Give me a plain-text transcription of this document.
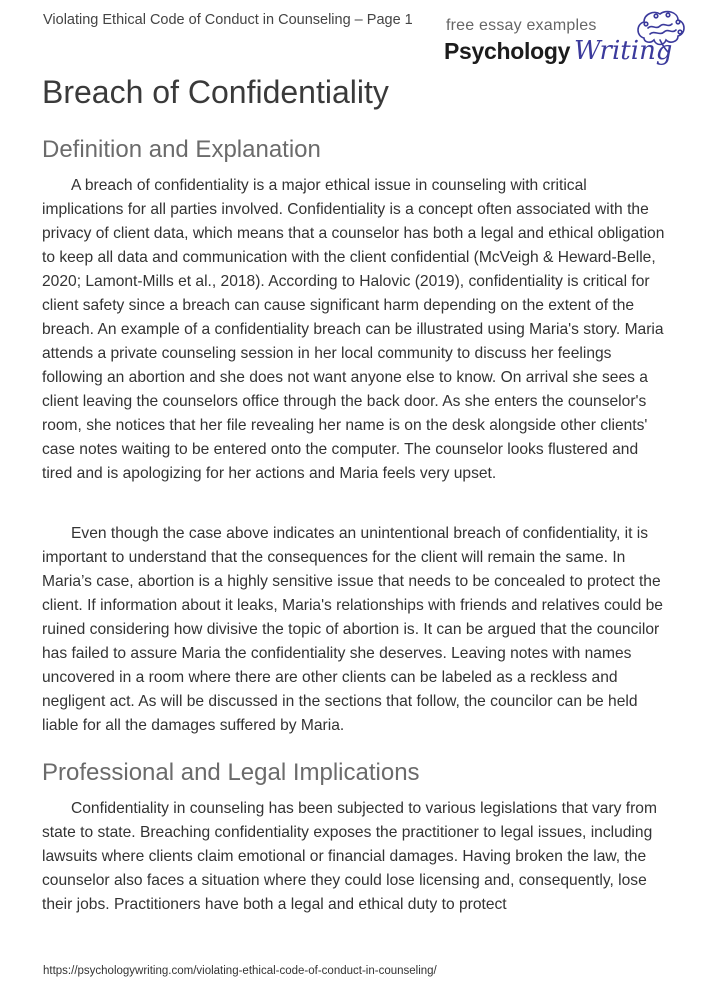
Violating Ethical Code of Conduct in Counseling – Page 1 free essay examples
Psychology Writing
Breach of Confidentiality
Definition and Explanation

A breach of confidentiality is a major ethical issue in counseling with critical implications for all parties involved. Confidentiality is a concept often associated with the privacy of client data, which means that a counselor has both a legal and ethical obligation to keep all data and communication with the client confidential (McVeigh & Heward-Belle, 2020; Lamont-Mills et al., 2018). According to Halovic (2019), confidentiality is critical for client safety since a breach can cause significant harm depending on the extent of the breach. An example of a confidentiality breach can be illustrated using Maria's story. Maria attends a private counseling session in her local community to discuss her feelings following an abortion and she does not want anyone else to know. On arrival she sees a client leaving the counselors office through the back door. As she enters the counselor's room, she notices that her file revealing her name is on the desk alongside other clients' case notes waiting to be entered onto the computer. The counselor looks flustered and tired and is apologizing for her actions and Maria feels very upset.

Even though the case above indicates an unintentional breach of confidentiality, it is important to understand that the consequences for the client will remain the same. In Maria’s case, abortion is a highly sensitive issue that needs to be concealed to protect the client. If information about it leaks, Maria's relationships with friends and relatives could be ruined considering how divisive the topic of abortion is. It can be argued that the councilor has failed to assure Maria the confidentiality she deserves. Leaving notes with names uncovered in a room where there are other clients can be labeled as a reckless and negligent act. As will be discussed in the sections that follow, the councilor can be held liable for all the damages suffered by Maria.

Professional and Legal Implications

Confidentiality in counseling has been subjected to various legislations that vary from state to state. Breaching confidentiality exposes the practitioner to legal issues, including lawsuits where clients claim emotional or financial damages. Having broken the law, the counselor also faces a situation where they could lose licensing and, consequently, lose their jobs. Practitioners have both a legal and ethical duty to protect

https://psychologywriting.com/violating-ethical-code-of-conduct-in-counseling/
